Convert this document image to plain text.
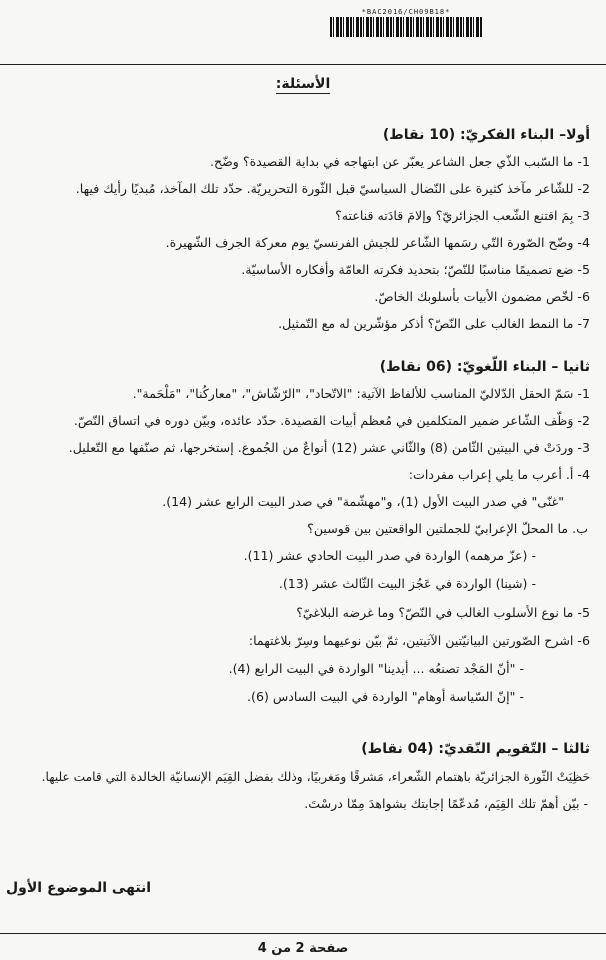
*BAC2016/CH09B18*
الأسئلة:
أولا– البناء الفكريّ: (10 نقاط)
1- ما السّبب الذّي جعل الشاعر يعبّر عن ابتهاجه في بداية القصيدة؟ وضّح.
2- للشّاعر مآخذ كثيرة على النّضال السياسيّ قبل الثّورة التحريريّة. حدّد تلك المآخذ، مُبديًا رأيك فيها.
3- بِمَ اقتنع الشّعب الجزائريّ؟ وإلامَ قادَته قناعته؟
4- وضّح الصّورة التّي رسَمها الشّاعر للجيش الفرنسيّ يوم معركة الجرف الشّهيرة.
5- ضع تصميمًا مناسبًا للنّصّ؛ بتحديد فكرته العامّة وأفكاره الأساسيّة.
6- لخّص مضمون الأبيات بأسلوبك الخاصّ.
7- ما النمط الغالب على النّصّ؟ أذكر مؤشّرين له مع التّمثيل.
ثانيا – البناء اللّغويّ: (06 نقاط)
1- سَمّ الحقل الدّلاليّ المناسب للألفاظ الآتية: "الاتّحاد"، "الرّشّاش"، "معاركُنا"، "مَلْحَمة".
2- وَظّف الشّاعر ضمير المتكلمين في مُعظم أبيات القصيدة. حدّد عائده، وبيّن دوره في اتساق النّصّ.
3- وردَتْ في البيتين الثّامن (8) والثّاني عشر (12) أنواعٌ من الجُموع. إستخرجها، ثم صنّفها مع التّعليل.
4- أ. أعرب ما يلي إعراب مفردات:
"غنّى" في صدر البيت الأول (1)، و"مهشّمة" في صدر البيت الرابع عشر (14).
ب. ما المحلّ الإعرابيّ للجملتين الواقعتين بين قوسين؟
- (عزّ مرهمه) الواردة في صدر البيت الحادي عشر (11).
- (شينا) الواردة في عَجُز البيت الثّالث عشر (13).
5- ما نوع الأسلوب الغالب في النّصّ؟ وما غرضه البلاغيّ؟
6- اشرح الصّورتين البيانيّتين الآتيتين، ثمّ بيّن نوعيهما وسِرّ بلاغتهما:
- "أنّ المَجْد تصنعُه ... أيدينا" الواردة في البيت الرابع (4).
- "إنّ السّياسة أوهام" الواردة في البيت السادس (6).
ثالثا – التّقويم النّقديّ: (04 نقاط)
حَظِيَتْ الثّورة الجزائريّة باهتمام الشّعراء، مَشرقًا ومَغربيًا، وذلك بفضل القِيَم الإنسانيّة الخالدة التي قامت عليها.
- بيّن أهمّ تلك القِيَم، مُدعّمًا إجابتك بشواهدَ مِمّا درسْتَ.
انتهى الموضوع الأول
صفحة 2 من 4
